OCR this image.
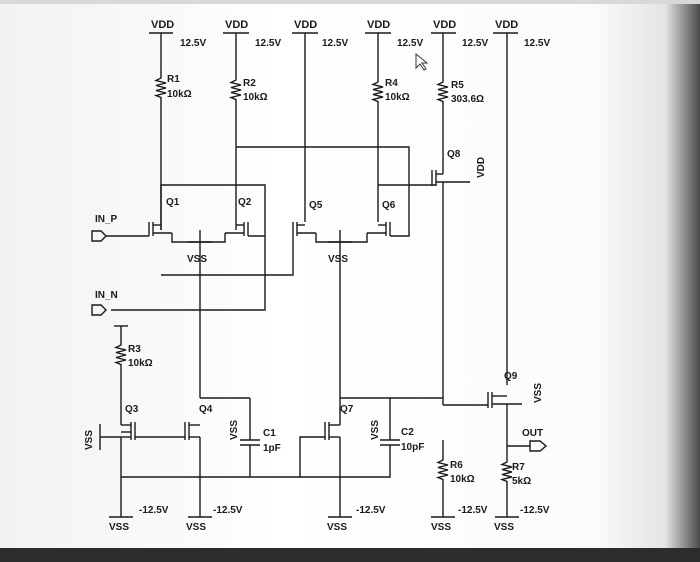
VDD
12.5V
VDD
12.5V
VDD
12.5V
VDD
12.5V
VDD
12.5V
VDD
12.5V
R1
10kΩ
R2
10kΩ
R4
10kΩ
R5
303.6Ω
R3
10kΩ
R6
10kΩ
R7
5kΩ
Q1	Q2
VSS
IN_P
IN_N
Q5	Q6
VSS
Q8
VDD
Q9
VSS
OUT
Q3	Q4
VSS C1
1pF
Q7
VSS C2
10pF
VSS
VSS
-12.5V
VSS
-12.5V
VSS
-12.5V
VSS
-12.5V
VSS
-12.5V
